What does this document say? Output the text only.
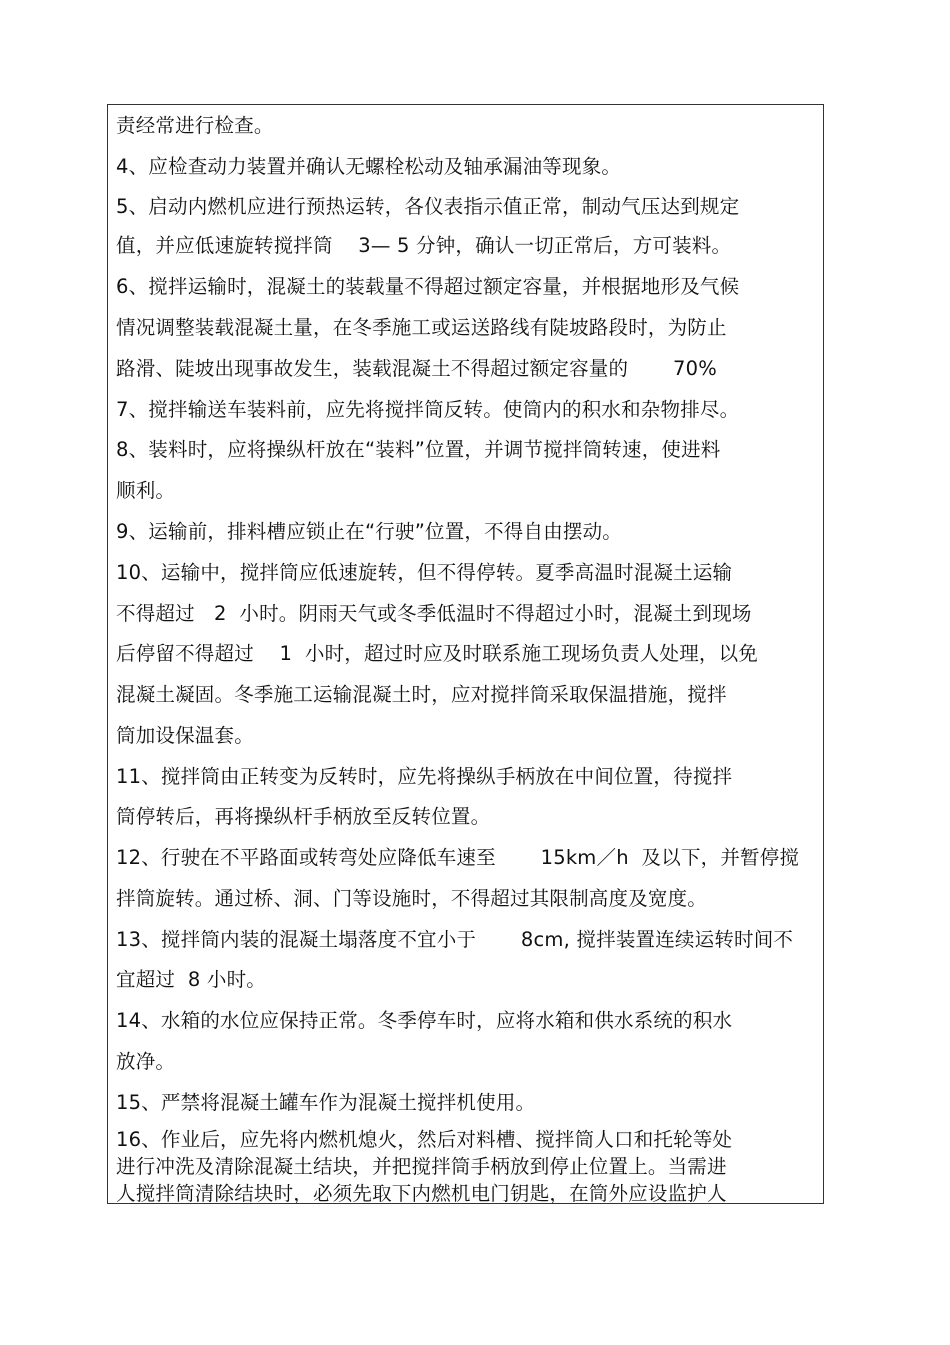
责经常进行检查。
4、应检查动力装置并确认无螺栓松动及轴承漏油等现象。
5、启动内燃机应进行预热运转，各仪表指示值正常，制动气压达到规定
值，并应低速旋转搅拌筒    3— 5 分钟，确认一切正常后，方可装料。
6、搅拌运输时，混凝土的装载量不得超过额定容量，并根据地形及气候
情况调整装载混凝土量，在冬季施工或运送路线有陡坡路段时，为防止
路滑、陡坡出现事故发生，装载混凝土不得超过额定容量的       70%
7、搅拌输送车装料前，应先将搅拌筒反转。使筒内的积水和杂物排尽。
8、装料时，应将操纵杆放在“装料”位置，并调节搅拌筒转速，使进料
顺利。
9、运输前，排料槽应锁止在“行驶”位置，不得自由摆动。
10、运输中，搅拌筒应低速旋转，但不得停转。夏季高温时混凝土运输
不得超过   2  小时。阴雨天气或冬季低温时不得超过小时，混凝土到现场
后停留不得超过    1  小时，超过时应及时联系施工现场负责人处理，以免
混凝土凝固。冬季施工运输混凝土时，应对搅拌筒采取保温措施，搅拌
筒加设保温套。
11、搅拌筒由正转变为反转时，应先将操纵手柄放在中间位置，待搅拌
筒停转后，再将操纵杆手柄放至反转位置。
12、行驶在不平路面或转弯处应降低车速至       15km／h  及以下，并暂停搅
拌筒旋转。通过桥、洞、门等设施时，不得超过其限制高度及宽度。
13、搅拌筒内装的混凝土塌落度不宜小于       8cm, 搅拌装置连续运转时间不
宜超过  8 小时。
14、水箱的水位应保持正常。冬季停车时，应将水箱和供水系统的积水
放净。
15、严禁将混凝土罐车作为混凝土搅拌机使用。
16、作业后，应先将内燃机熄火，然后对料槽、搅拌筒人口和托轮等处
进行冲洗及清除混凝土结块，并把搅拌筒手柄放到停止位置上。当需进
人搅拌筒清除结块时，必须先取下内燃机电门钥匙，在筒外应设监护人
